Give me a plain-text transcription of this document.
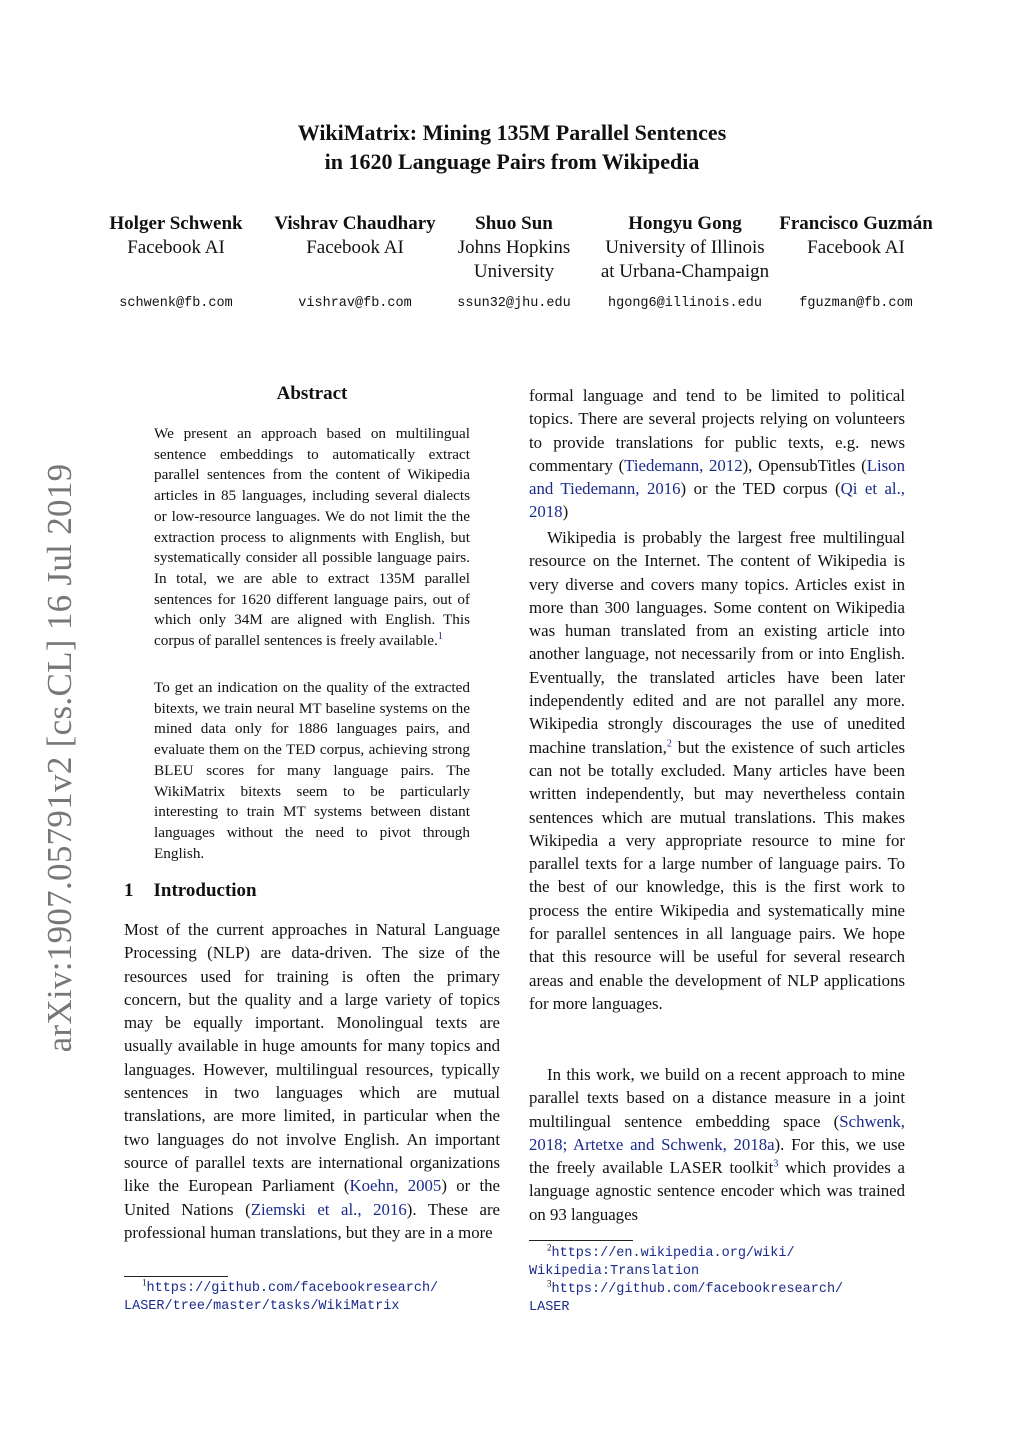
WikiMatrix: Mining 135M Parallel Sentences
in 1620 Language Pairs from Wikipedia
Holger Schwenk
Facebook AI
schwenk@fb.com
Vishrav Chaudhary
Facebook AI
vishrav@fb.com
Shuo Sun
Johns Hopkins
University
ssun32@jhu.edu
Hongyu Gong
University of Illinois
at Urbana-Champaign
hgong6@illinois.edu
Francisco Guzmán
Facebook AI
fguzman@fb.com
arXiv:1907.05791v2 [cs.CL] 16 Jul 2019
Abstract

We present an approach based on multilingual sentence embeddings to automatically extract parallel sentences from the content of Wikipedia articles in 85 languages, including several dialects or low-resource languages. We do not limit the the extraction process to alignments with English, but systematically consider all possible language pairs. In total, we are able to extract 135M parallel sentences for 1620 different language pairs, out of which only 34M are aligned with English. This corpus of parallel sentences is freely available.$^1$

To get an indication on the quality of the extracted bitexts, we train neural MT baseline systems on the mined data only for 1886 languages pairs, and evaluate them on the TED corpus, achieving strong BLEU scores for many language pairs. The WikiMatrix bitexts seem to be particularly interesting to train MT systems between distant languages without the need to pivot through English.

1 Introduction

Most of the current approaches in Natural Language Processing (NLP) are data-driven. The size of the resources used for training is often the primary concern, but the quality and a large variety of topics may be equally important. Monolingual texts are usually available in huge amounts for many topics and languages. However, multilingual resources, typically sentences in two languages which are mutual translations, are more limited, in particular when the two languages do not involve English. An important source of parallel texts are international organizations like the European Parliament (Koehn, 2005) or the United Nations (Ziemski et al., 2016). These are professional human translations, but they are in a more

$^1$https://github.com/facebookresearch/
LASER/tree/master/tasks/WikiMatrix

formal language and tend to be limited to political topics. There are several projects relying on volunteers to provide translations for public texts, e.g. news commentary (Tiedemann, 2012), OpensubTitles (Lison and Tiedemann, 2016) or the TED corpus (Qi et al., 2018)

Wikipedia is probably the largest free multilingual resource on the Internet. The content of Wikipedia is very diverse and covers many topics. Articles exist in more than 300 languages. Some content on Wikipedia was human translated from an existing article into another language, not necessarily from or into English. Eventually, the translated articles have been later independently edited and are not parallel any more. Wikipedia strongly discourages the use of unedited machine translation,$^2$ but the existence of such articles can not be totally excluded. Many articles have been written independently, but may nevertheless contain sentences which are mutual translations. This makes Wikipedia a very appropriate resource to mine for parallel texts for a large number of language pairs. To the best of our knowledge, this is the first work to process the entire Wikipedia and systematically mine for parallel sentences in all language pairs. We hope that this resource will be useful for several research areas and enable the development of NLP applications for more languages.

In this work, we build on a recent approach to mine parallel texts based on a distance measure in a joint multilingual sentence embedding space (Schwenk, 2018; Artetxe and Schwenk, 2018a). For this, we use the freely available LASER toolkit$^3$ which provides a language agnostic sentence encoder which was trained on 93 languages

$^2$https://en.wikipedia.org/wiki/
Wikipedia:Translation
$^3$https://github.com/facebookresearch/
LASER
